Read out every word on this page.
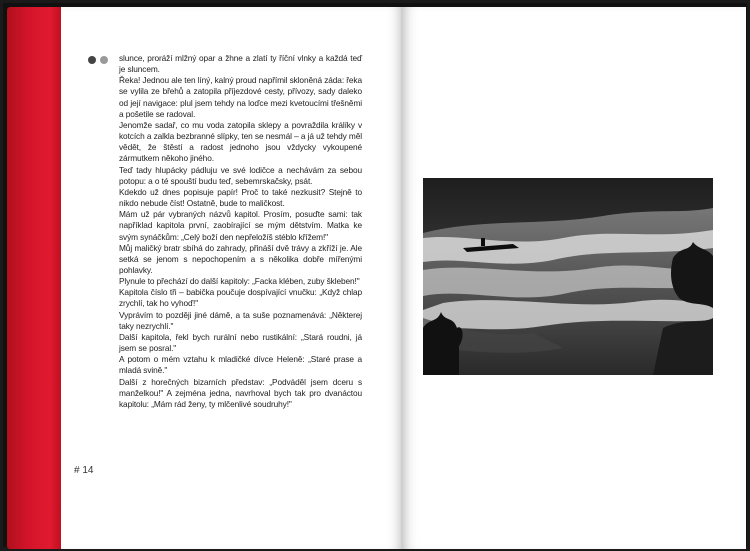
slunce, proráží mlžný opar a žhne a zlatí ty říční vlnky a každá teď je sluncem.

Řeka! Jednou ale ten líný, kalný proud napřímil skloněná záda: řeka se vylila ze břehů a zatopila příjezdové cesty, přívozy, sady daleko od její navigace: plul jsem tehdy na loďce mezi kvetoucími třešněmi a pošetile se radoval.

Jenomže sadař, co mu voda zatopila sklepy a povraždila králíky v kotcích a zalkla bezbranné slípky, ten se nesmál – a já už tehdy měl vědět, že štěstí a radost jednoho jsou vždycky vykoupené zármutkem někoho jiného.

Teď tady hlupácky pádluju ve své lodičce a nechávám za sebou potopu: a o té spouští budu teď, sebemrskačsky, psát.

Kdekdo už dnes popisuje papír! Proč to také nezkusit? Stejně to nikdo nebude číst! Ostatně, bude to maličkost.

Mám už pár vybraných názvů kapitol. Prosím, posuďte sami: tak například kapitola první, zaobírající se mým dětstvím. Matka ke svým synáčkům: „Celý boží den nepřeložíš stéblo křížem!"

Můj maličký bratr sbíhá do zahrady, přináší dvě trávy a zkříží je. Ale setká se jenom s nepochopením a s několika dobře mířenými pohlavky.

Plynule to přechází do další kapitoly: „Facka klében, zuby škleben!"

Kapitola číslo tři – babička poučuje dospívající vnučku: „Když chlap zrychlí, tak ho vyhoď!"

Vyprávím to později jiné dámě, a ta suše poznamenává: „Některej taky nezrychlí."

Další kapitola, řekl bych rurální nebo rustikální: „Stará roudni, já jsem se posral."

A potom o mém vztahu k mladičké dívce Heleně: „Staré prase a mladá svině."

Další z horečných bizarních představ: „Podváděl jsem dceru s manželkou!" A zejména jedna, navrhoval bych tak pro dvanáctou kapitolu: „Mám rád ženy, ty mlčenlivé soudruhy!"

# 14
